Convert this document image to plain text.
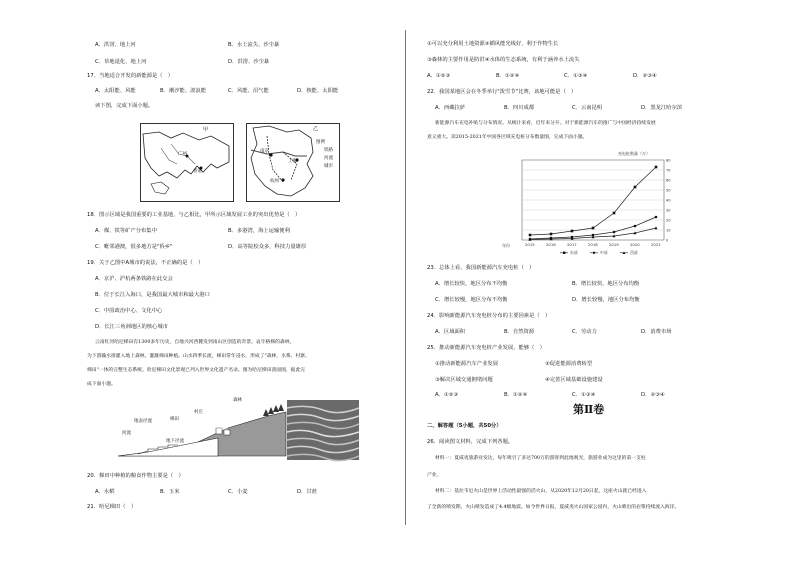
A．洪涝、地上河	B．水土流失、沙尘暴
C．草地退化、地上河	D．洪涝、沙尘暴
17．当地适合开发的新能源是（　）
A．太阳能、风能	B．潮汐能、波浪能	C．风能、沼气能	D．核能、太阳能
读下图，完成下面小题。
甲
广州
香港
乙
南京
上海
杭州
图例
铁路
河流
城市
18．图示区域是我国重要的工业基地，与乙相比，甲所示区域发展工业的突出优势是（　）
A．煤、铁等矿产分布集中	B．多港湾，海上运输便利
C．毗邻港澳，很多地方是"侨乡"	D．高等院校众多，科技力量雄厚
19．关于乙图中A城市的说法，不正确的是（　）
A．京沪、沪杭两条铁路在此交会
B．位于长江入海口，是我国最大城市和最大港口
C．中国政治中心、文化中心
D．长江三角洲地区的核心城市
云南红河哈尼梯田有1300多年历史，自地兴河西麓发到南山区创造的奇景。哀牢格梯的森林，
为下游输水排灌入地上森林，灌溉梯田种植。山水四季长流，梯田常年浸水，形成了"森林、水系、村寨、
梯田"一体的完整生态系统。哈尼梯田文化景观已列入世界文化遗产名录。图为哈尼梯田剖面图，据此完
成下面小题。
森林
村庄
梯田
地表径流
河流
地下径流
地下径流
地下径流
20．梯田中种植的粮食作物主要是（　）
A．水稻	B．玉米	C．小麦	D．甘蔗
21．哈尼梯田（　）
①可以充分利用土地资源②插风能光线好，利于作物生长
③森林的主要作用是防洪④水体的生态系统，有利于涵养水土流失
A．①②③	B．①②④	C．①③④	D．②③④
22．我国某地区会在冬季举行"泼雪节"比赛，该地可能是（　）
A．西藏拉萨	B．四川成都	C．云南昆明	D．黑龙江哈尔滨
新能源汽车充电补贴与分布情况。从统计来看，近年来分开。对于新能源汽车的推广与中国经济持续发展
意义重大。读2015-2021年中国各区域充电桩分布数量图，完成下面小题。
充电桩数量（万）
0
10
20
30
40
50
60
70
80
2015	2016	2017	2018	2019	2020	2021
年份
东部	中部	西部
23．总体上看，我国新能源汽车充电桩（　）
A．增长较快，地区分布不均衡	B．增长较快，地区分布均衡
C．增长较慢，地区分布不均衡	D．增长较慢，地区分布均衡
24．影响新能源汽车充电桩分布的主要因素是（　）
A．区域面积	B．自然资源	C．劳动力	D．消费市场
25．推动新能源汽车充电桩产业发展，能够（　）
①推动新能源汽车产业发展	②促进能源消费转型
③解决区域交通拥堵问题	④完善区域基础设施建设
A．①②③	B．①②④	C．①③④	D．②③④
第Ⅱ卷
二、解答题（5小题，共50分）
26．阅读图文材料，完成下列各题。
材料一：夏威夷旅游业发达，每年吸引了多达700万的游客到此地观光，旅游业成为这里的第一支柱
产业。
材料二：基拉韦厄火山是世界上活动性最强的活火山，从2020年12月20日起，这座火山就已经进入
了全新的喷发期，火山喷发造成了4.4级地震。如今世界日报，夏威夷火山国家公园内，火山喷出的岩浆持续流入海洋。
